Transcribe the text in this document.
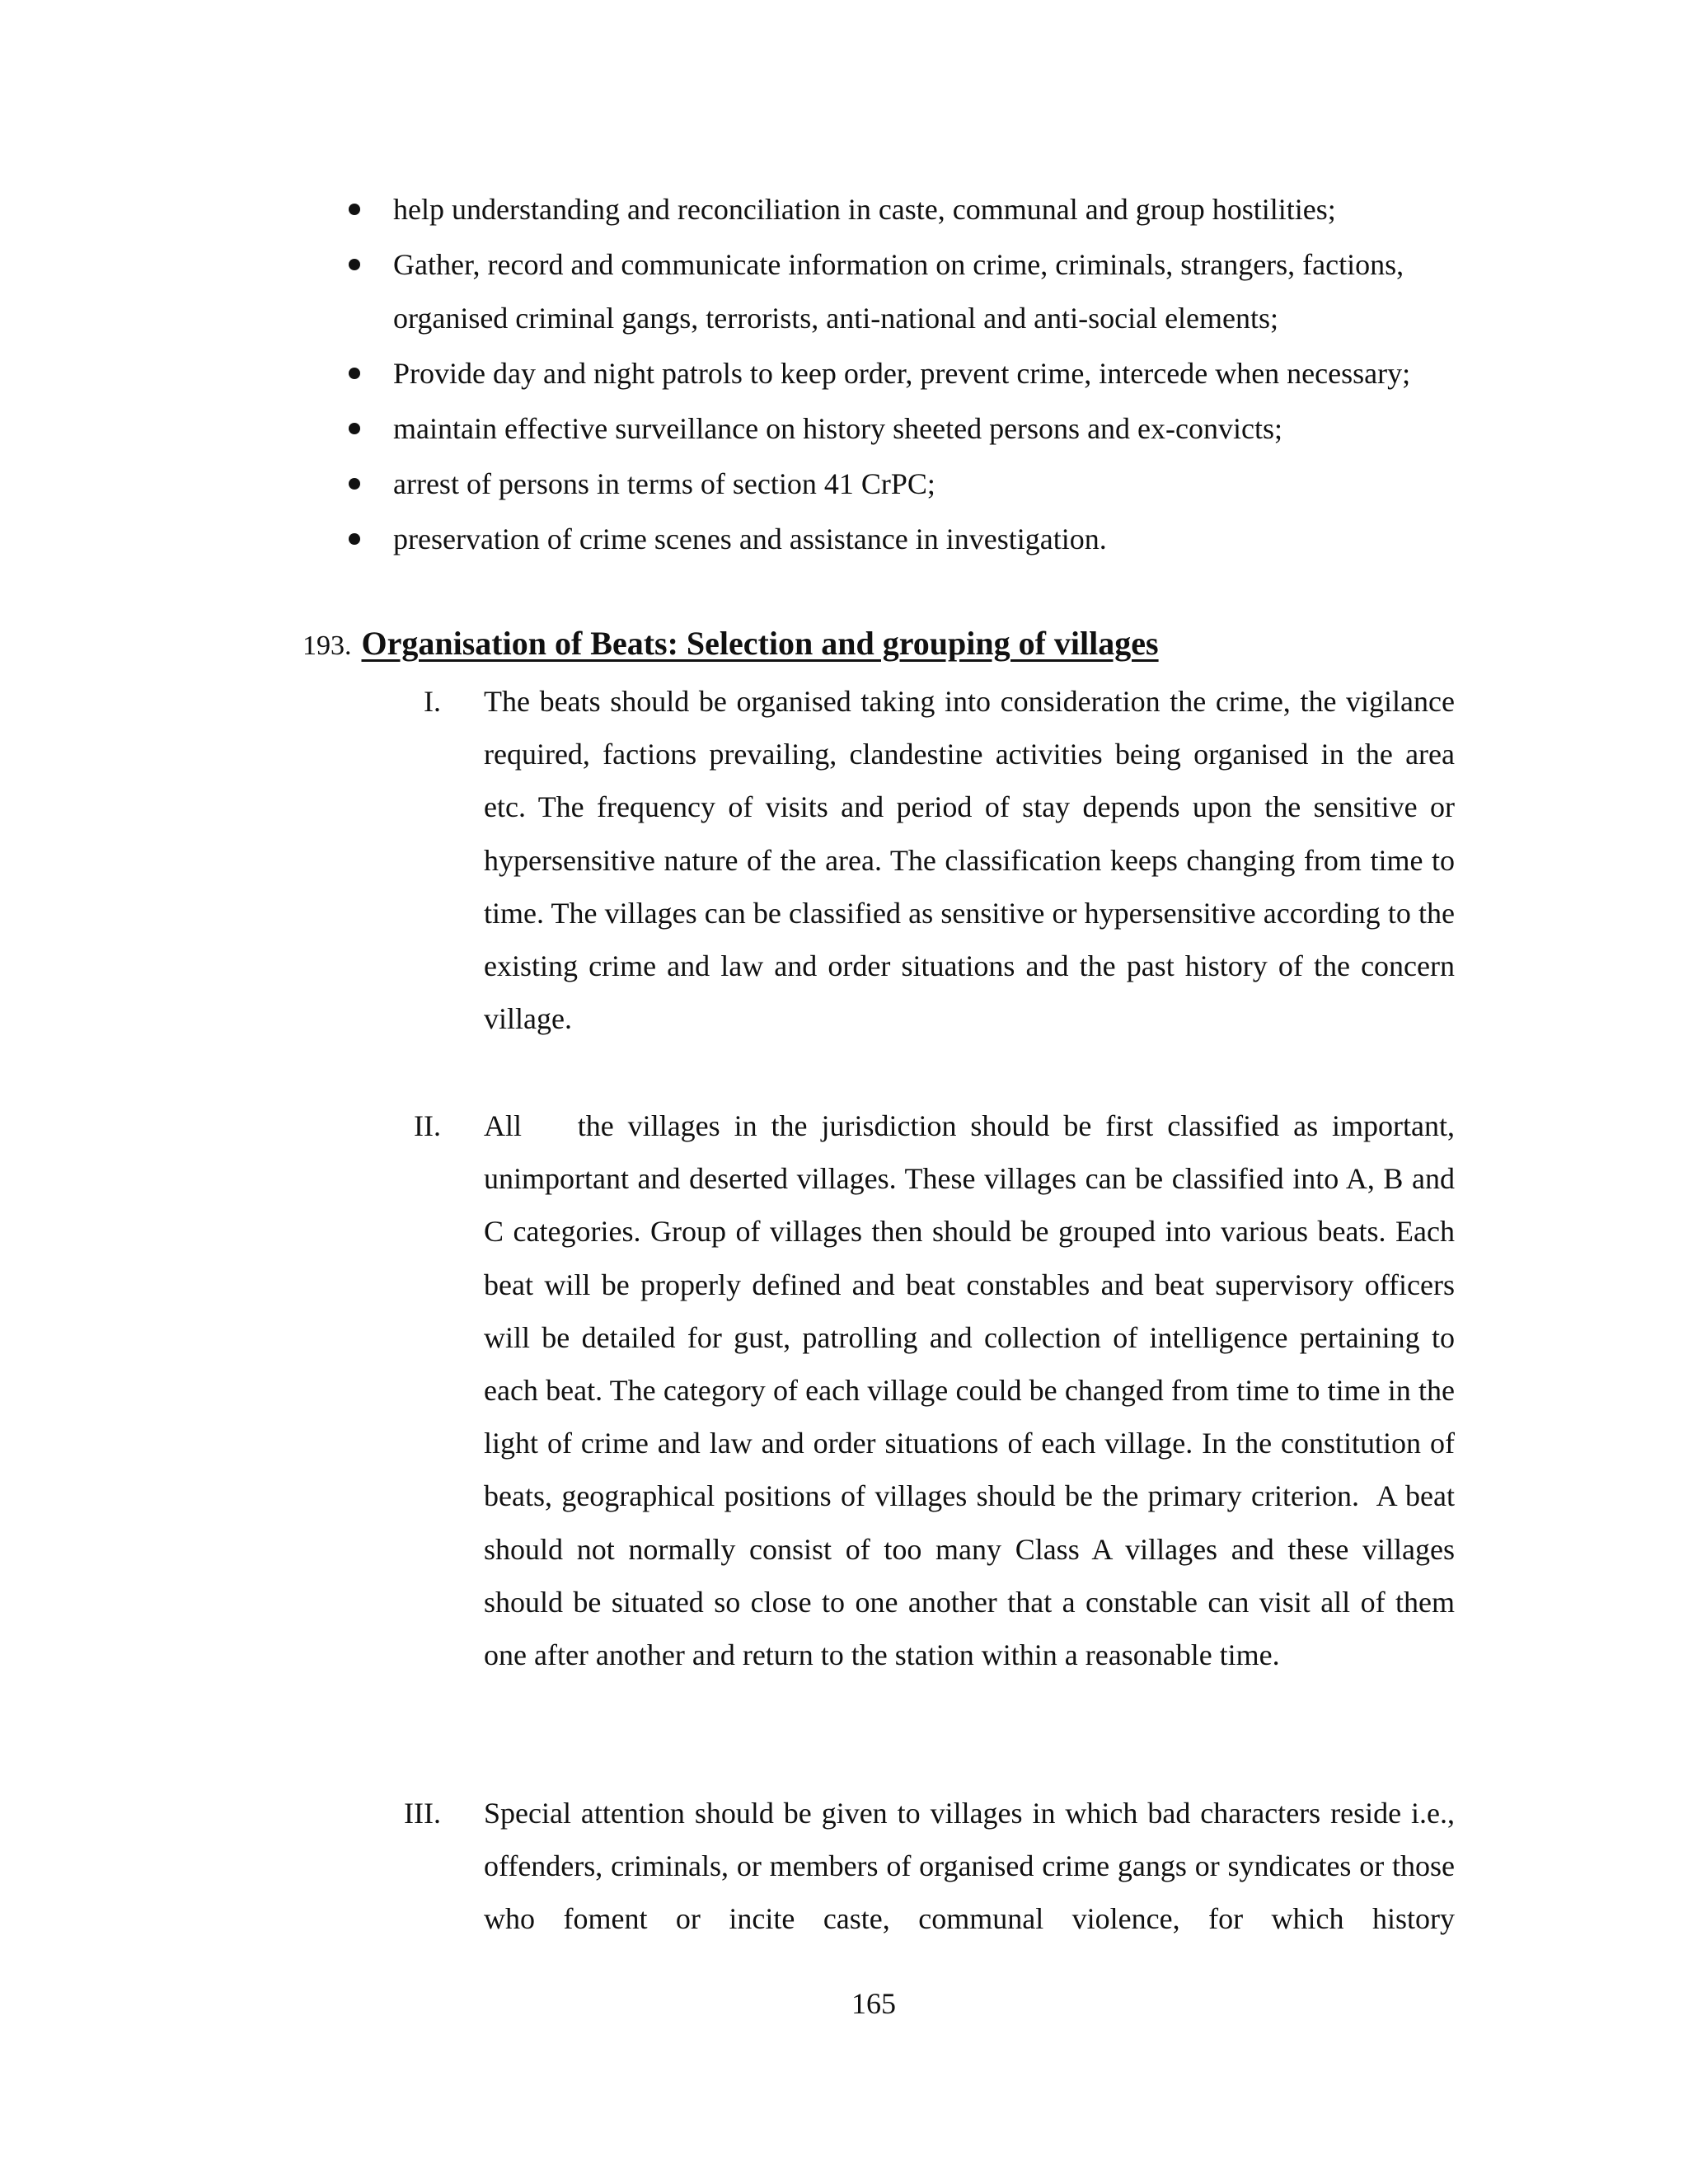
help understanding and reconciliation in caste, communal and group hostilities;
Gather, record and communicate information on crime, criminals, strangers, factions, organised criminal gangs, terrorists, anti-national and anti-social elements;
Provide day and night patrols to keep order, prevent crime, intercede when necessary;
maintain effective surveillance on history sheeted persons and ex-convicts;
arrest of persons in terms of section 41 CrPC;
preservation of crime scenes and assistance in investigation.
193. Organisation of Beats: Selection and grouping of villages
I. The beats should be organised taking into consideration the crime, the vigilance required, factions prevailing, clandestine activities being organised in the area etc. The frequency of visits and period of stay depends upon the sensitive or hypersensitive nature of the area. The classification keeps changing from time to time. The villages can be classified as sensitive or hypersensitive according to the existing crime and law and order situations and the past history of the concern village.
II. All    the villages in the jurisdiction should be first classified as important, unimportant and deserted villages. These villages can be classified into A, B and C categories. Group of villages then should be grouped into various beats. Each beat will be properly defined and beat constables and beat supervisory officers will be detailed for gust, patrolling and collection of intelligence pertaining to each beat. The category of each village could be changed from time to time in the light of crime and law and order situations of each village. In the constitution of beats, geographical positions of villages should be the primary criterion.  A beat should not normally consist of too many Class A villages and these villages should be situated so close to one another that a constable can visit all of them one after another and return to the station within a reasonable time.
III. Special attention should be given to villages in which bad characters reside i.e., offenders, criminals, or members of organised crime gangs or syndicates or those who foment or incite caste, communal violence, for which history
165
